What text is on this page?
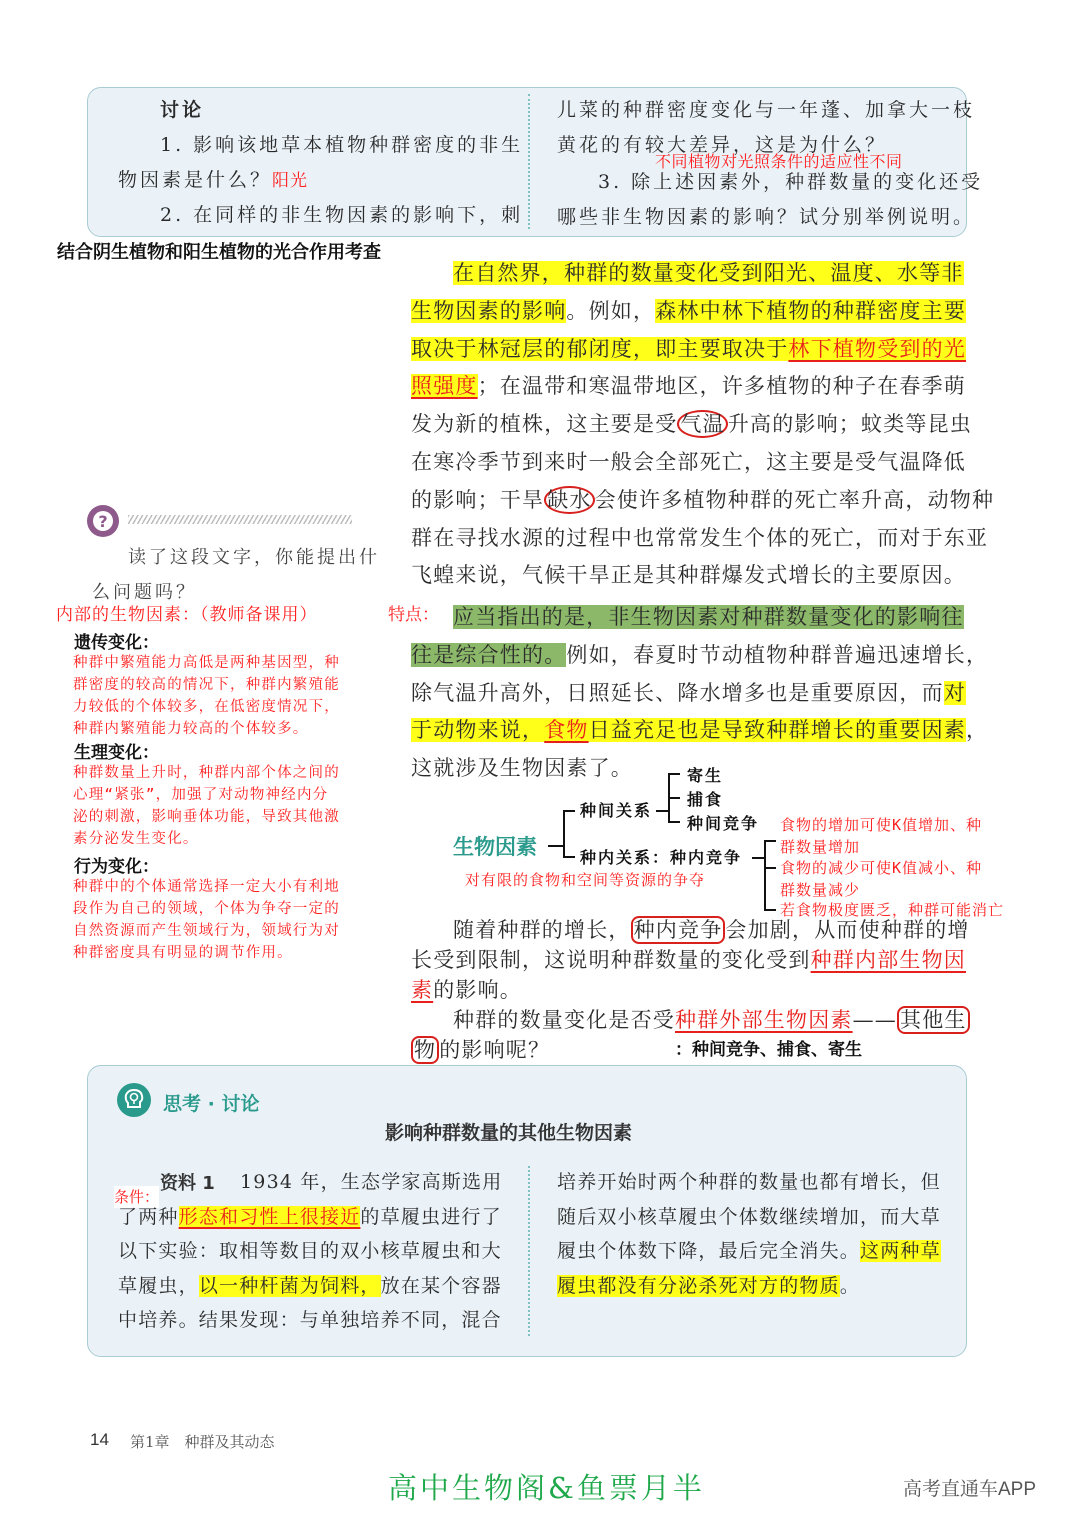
讨论
1. 影响该地草本植物种群密度的非生
物因素是什么？阳光
2. 在同样的非生物因素的影响下，刺
儿菜的种群密度变化与一年蓬、加拿大一枝
黄花的有较大差异，这是为什么？
不同植物对光照条件的适应性不同
3. 除上述因素外，种群数量的变化还受
哪些非生物因素的影响？试分别举例说明。
结合阴生植物和阳生植物的光合作用考查
在自然界，种群的数量变化受到阳光、温度、水等非
生物因素的影响。例如，森林中林下植物的种群密度主要
取决于林冠层的郁闭度，即主要取决于林下植物受到的光
照强度；在温带和寒温带地区，许多植物的种子在春季萌
发为新的植株，这主要是受 气温 升高的影响；蚊类等昆虫
在寒冷季节到来时一般会全部死亡，这主要是受气温降低
的影响；干旱 缺水 会使许多植物种群的死亡率升高，动物种
群在寻找水源的过程中也常常发生个体的死亡，而对于东亚
飞蝗来说，气候干旱正是其种群爆发式增长的主要原因。
?
读了这段文字，你能提出什
么问题吗？
内部的生物因素：（教师备课用）
遗传变化：
种群中繁殖能力高低是两种基因型，种
群密度的较高的情况下，种群内繁殖能
力较低的个体较多，在低密度情况下，
种群内繁殖能力较高的个体较多。
生理变化：
种群数量上升时，种群内部个体之间的
心理“紧张”，加强了对动物神经内分
泌的刺激，影响垂体功能，导致其他激
素分泌发生变化。
行为变化：
种群中的个体通常选择一定大小有利地
段作为自己的领域，个体为争夺一定的
自然资源而产生领域行为，领域行为对
种群密度具有明显的调节作用。
特点： 应当指出的是，非生物因素对种群数量变化的影响往
往是综合性的。例如，春夏时节动植物种群普遍迅速增长，
除气温升高外，日照延长、降水增多也是重要原因，而对
于动物来说，食物日益充足也是导致种群增长的重要因素，
这就涉及生物因素了。
生物因素
种间关系
寄生
捕食
种间竞争
种内关系：种内竞争
对有限的食物和空间等资源的争夺
食物的增加可使K值增加、种
群数量增加
食物的减少可使K值减小、种
群数量减少
若食物极度匮乏，种群可能消亡
随着种群的增长， 种内竞争 会加剧，从而使种群的增
长受到限制，这说明种群数量的变化受到种群内部生物因
素的影响。
种群的数量变化是否受种群外部生物因素—— 其他生
物 的影响呢？	：种间竞争、捕食、寄生
思考 · 讨论
影响种群数量的其他生物因素
资料 1
条件：
1934 年，生态学家高斯选用
了两种形态和习性上很接近的草履虫进行了
以下实验：取相等数目的双小核草履虫和大
草履虫，以一种杆菌为饲料，放在某个容器
中培养。结果发现：与单独培养不同，混合
培养开始时两个种群的数量也都有增长，但
随后双小核草履虫个体数继续增加，而大草
履虫个体数下降，最后完全消失。这两种草
履虫都没有分泌杀死对方的物质。
14 第1章　种群及其动态
高中生物阁&鱼票月半	高考直通车APP
